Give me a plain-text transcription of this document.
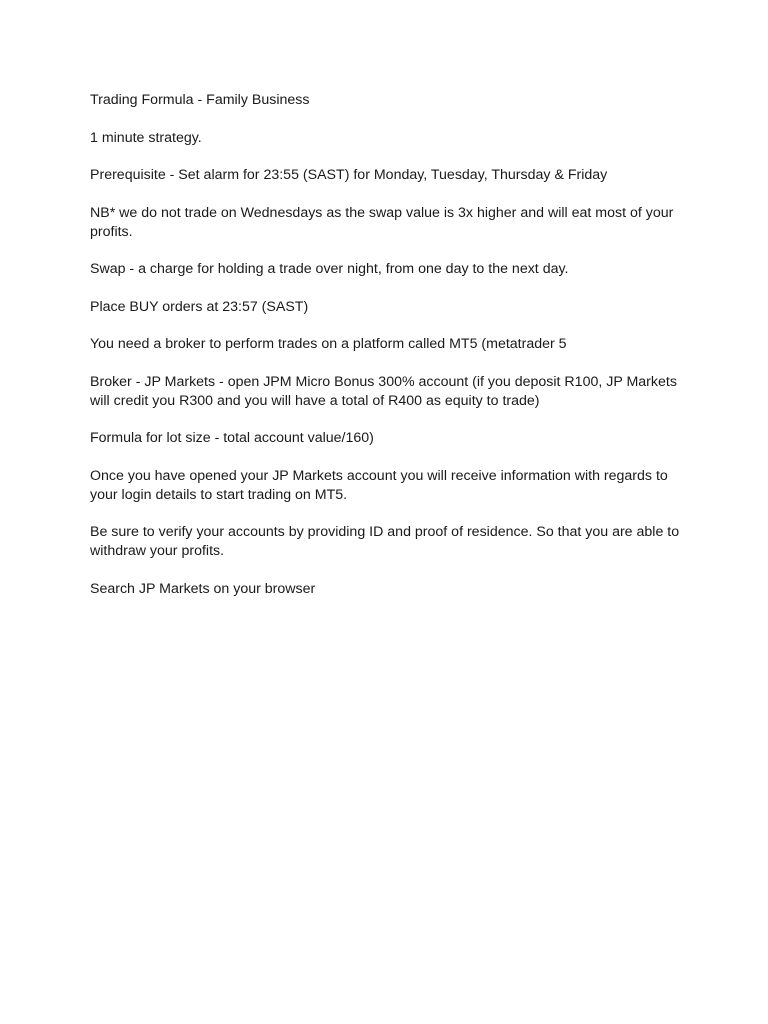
Trading Formula - Family Business

1 minute strategy.

Prerequisite - Set alarm for 23:55 (SAST) for Monday, Tuesday, Thursday & Friday

NB* we do not trade on Wednesdays as the swap value is 3x higher and will eat most of your profits.

Swap - a charge for holding a trade over night, from one day to the next day.

Place BUY orders at 23:57 (SAST)

You need a broker to perform trades on a platform called MT5 (metatrader 5

Broker - JP Markets - open JPM Micro Bonus 300% account (if you deposit R100, JP Markets will credit you R300 and you will have a total of R400 as equity to trade)

Formula for lot size - total account value/160)

Once you have opened your JP Markets account you will receive information with regards to your login details to start trading on MT5.

Be sure to verify your accounts by providing ID and proof of residence. So that you are able to withdraw your profits.

Search JP Markets on your browser
